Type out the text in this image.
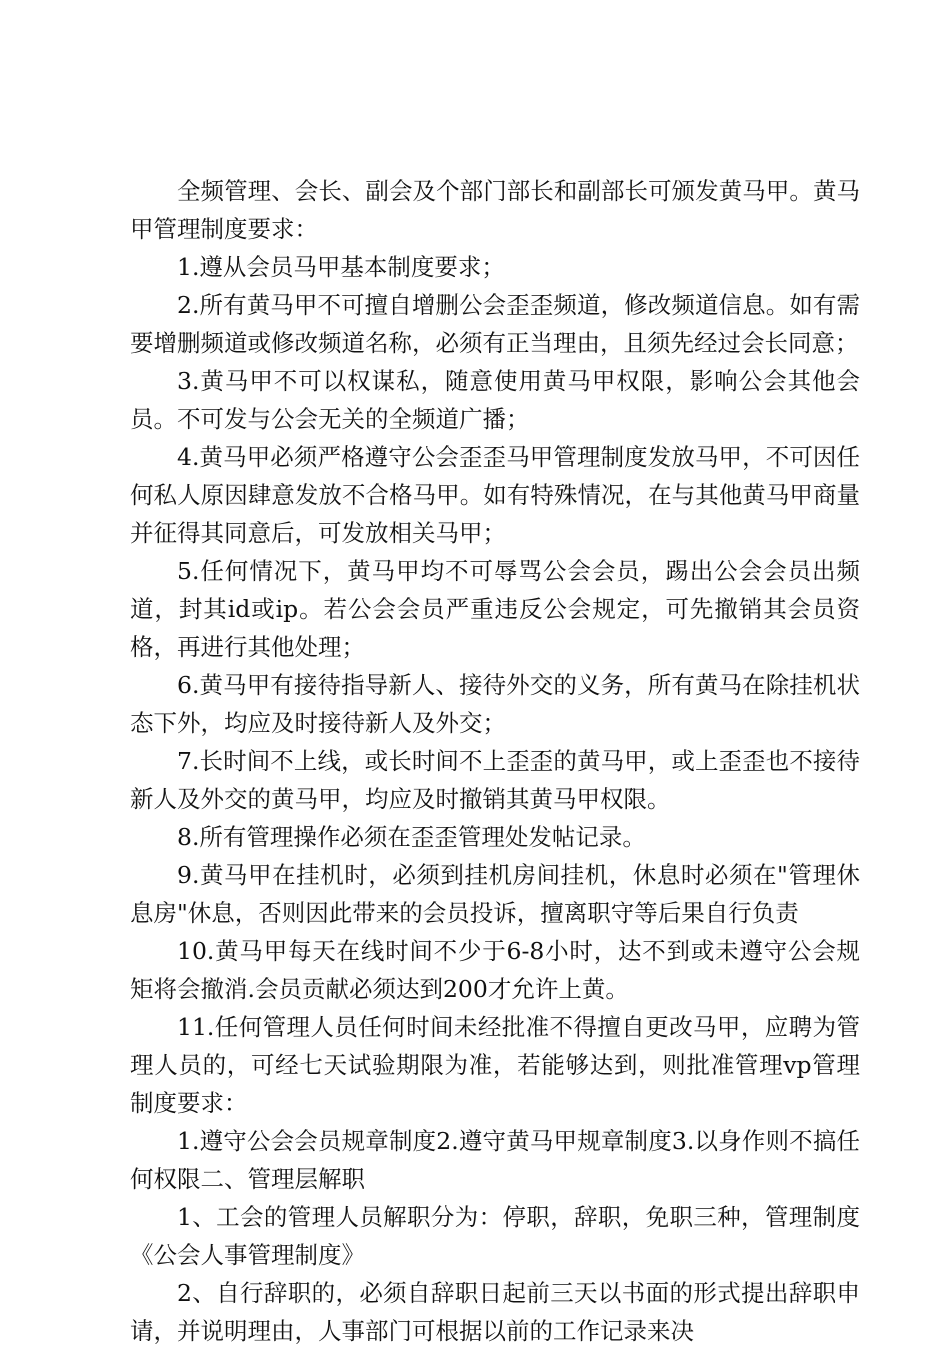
全频管理、会长、副会及个部门部长和副部长可颁发黄马甲。黄马甲管理制度要求：

1.遵从会员马甲基本制度要求；

2.所有黄马甲不可擅自增删公会歪歪频道，修改频道信息。如有需要增删频道或修改频道名称，必须有正当理由，且须先经过会长同意；

3.黄马甲不可以权谋私，随意使用黄马甲权限，影响公会其他会员。不可发与公会无关的全频道广播；

4.黄马甲必须严格遵守公会歪歪马甲管理制度发放马甲，不可因任何私人原因肆意发放不合格马甲。如有特殊情况，在与其他黄马甲商量并征得其同意后，可发放相关马甲；

5.任何情况下，黄马甲均不可辱骂公会会员，踢出公会会员出频道，封其id或ip。若公会会员严重违反公会规定，可先撤销其会员资格，再进行其他处理；

6.黄马甲有接待指导新人、接待外交的义务，所有黄马在除挂机状态下外，均应及时接待新人及外交；

7.长时间不上线，或长时间不上歪歪的黄马甲，或上歪歪也不接待新人及外交的黄马甲，均应及时撤销其黄马甲权限。

8.所有管理操作必须在歪歪管理处发帖记录。

9.黄马甲在挂机时，必须到挂机房间挂机，休息时必须在"管理休息房"休息，否则因此带来的会员投诉，擅离职守等后果自行负责

10.黄马甲每天在线时间不少于6-8小时，达不到或未遵守公会规矩将会撤消.会员贡献必须达到200才允许上黄。

11.任何管理人员任何时间未经批准不得擅自更改马甲，应聘为管理人员的，可经七天试验期限为准，若能够达到，则批准管理vp管理制度要求：

1.遵守公会会员规章制度2.遵守黄马甲规章制度3.以身作则不搞任何权限二、管理层解职

1、工会的管理人员解职分为：停职，辞职，免职三种，管理制度《公会人事管理制度》

2、自行辞职的，必须自辞职日起前三天以书面的形式提出辞职申请，并说明理由，人事部门可根据以前的工作记录来决
